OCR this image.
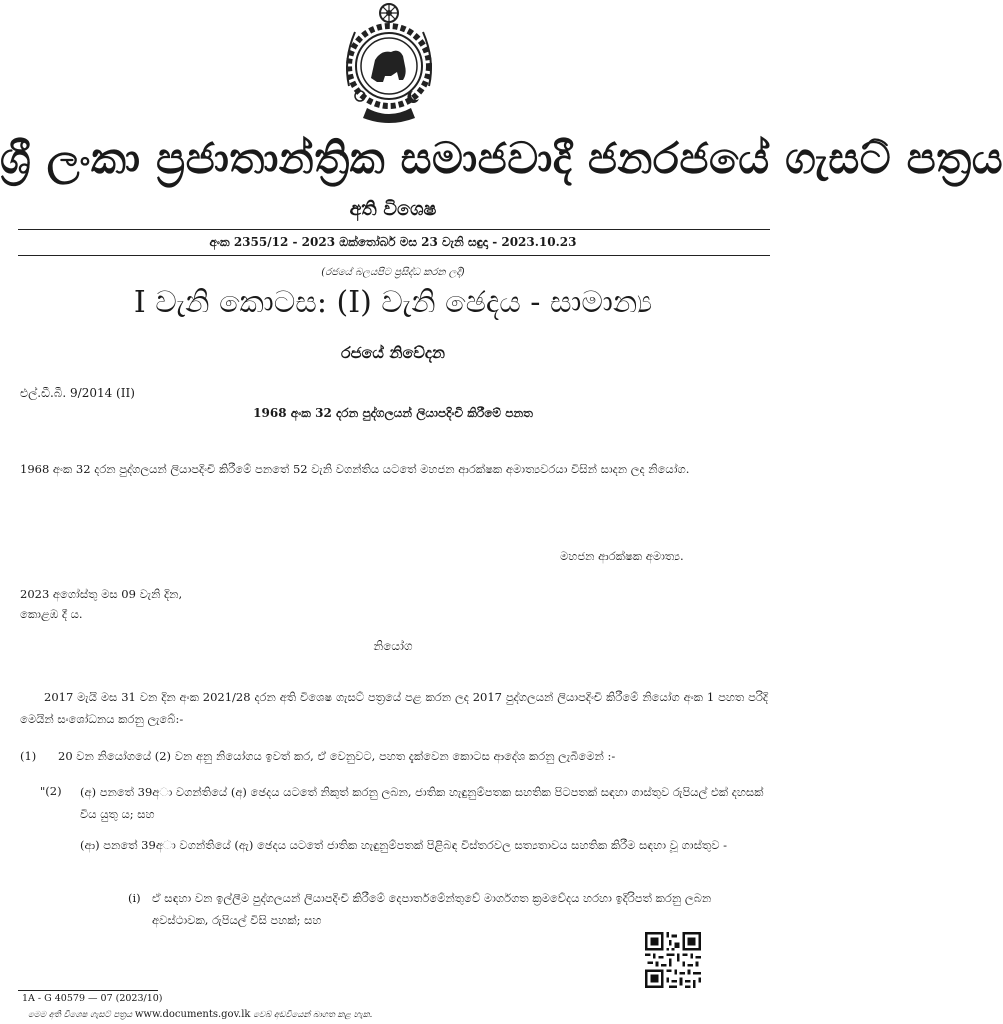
ශ්‍රී ලංකා ප්‍රජාතාන්ත්‍රික සමාජවාදී ජනරජයේ ගැසට් පත්‍රය
අති විශෙෂ
අංක 2355/12 - 2023 ඔක්තෝබර් මස 23 වැනි සඳුදා - 2023.10.23
(රජයේ බලයපිට ප්‍රසිද්ධ කරන ලදී)
I වැනි කොටස: (I) වැනි ඡෙදය - සාමාන්‍ය
රජයේ නිවේදන
එල්.ඩී.බී. 9/2014 (II)
1968 අංක 32 දරන පුද්ගලයන් ලියාපදිංචි කිරීමේ පනත
1968 අංක 32 දරන පුද්ගලයන් ලියාපදිංචි කිරීමේ පනතේ 52 වැනි වගන්තිය යටතේ මහජන ආරක්ෂක අමාත්‍යවරයා විසින් සාදන ලද නියෝග.
මහජන ආරක්ෂක අමාත්‍ය.
2023 අගෝස්තු මස 09 වැනි දින,
කොළඹ දී ය.
නියෝග
2017 මැයි මස 31 වන දින අංක 2021/28 දරන අති විශෙෂ ගැසට් පත්‍රයේ පළ කරන ලද 2017 පුද්ගලයන් ලියාපදිංචි කිරීමේ නියෝග අංක 1 පහත පරිදි මෙයින් සංශෝධනය කරනු ලැබේ:-
(1) 20 වන නියෝගයේ (2) වන අනු නියෝගය ඉවත් කර, ඒ වෙනුවට, පහත දැක්වෙන කොටස ආදේශ කරනු ලැබීමෙන් :-
"(2) (අ) පනතේ 39අා වගන්තියේ (අ) ඡෙදය යටතේ නිකුත් කරනු ලබන, ජාතික හැඳුනුම්පතක සහතික පිටපතක් සඳහා ගාස්තුව රුපියල් එක් දහසක් විය යුතු ය; සහ
(ආ) පනතේ 39අා වගන්තියේ (ඇ) ඡෙදය යටතේ ජාතික හැඳුනුම්පතක් පිළිබඳ විස්තරවල සත්‍යතාවය සහතික කිරීම සඳහා වූ ගාස්තුව -
(i) ඒ සඳහා වන ඉල්ලීම පුද්ගලයන් ලියාපදිංචි කිරීමේ දෙපාර්තමේන්තුවේ මාර්ගගත ක්‍රමවේදය හරහා ඉදිරිපත් කරනු ලබන අවස්ථාවක, රුපියල් විසි පහක්; සහ
1A - G 40579 — 07 (2023/10)
මෙම අති විශෙෂ ගැසට් පත්‍රය www.documents.gov.lk වෙබ් අඩවියෙන් බාගත කළ හැක.
